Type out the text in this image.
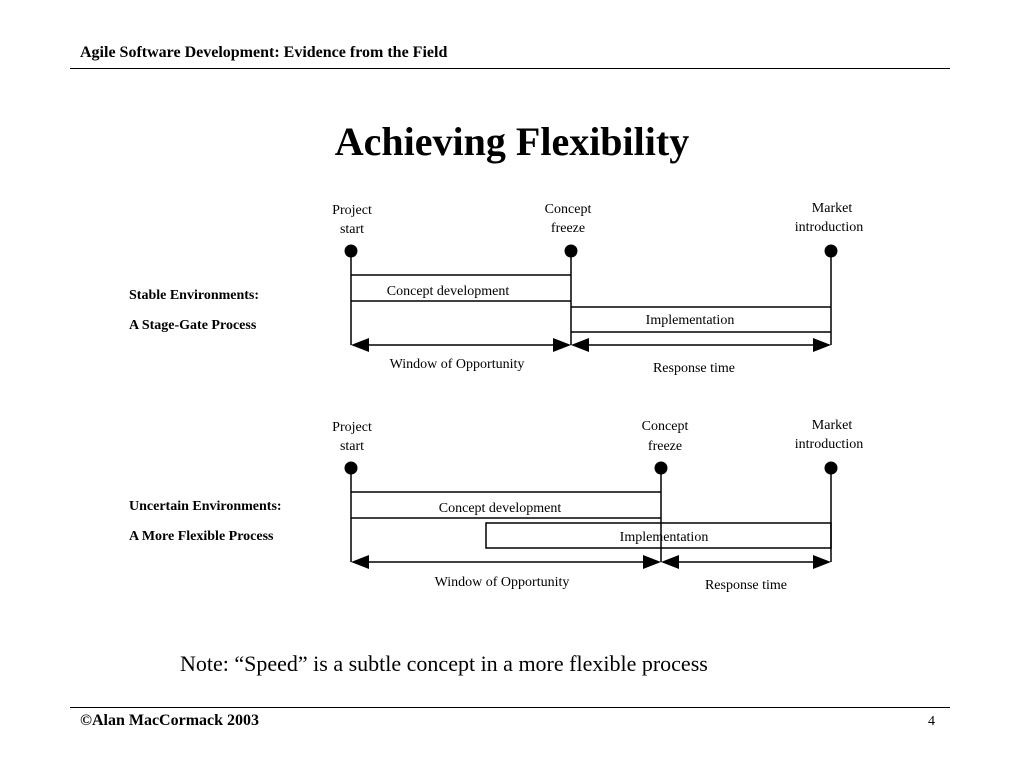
Agile Software Development: Evidence from the Field
Achieving Flexibility
Stable Environments:
A Stage-Gate Process
Uncertain Environments:
A More Flexible Process
Project
start
Concept
freeze
Market
introduction
Concept development
Implementation
Window of Opportunity	Response time
Project
start
Concept
freeze
Market
introduction
Concept development
Implementation
Window of Opportunity	Response time
Note: “Speed” is a subtle concept in a more flexible process
©Alan MacCormack 2003	4
